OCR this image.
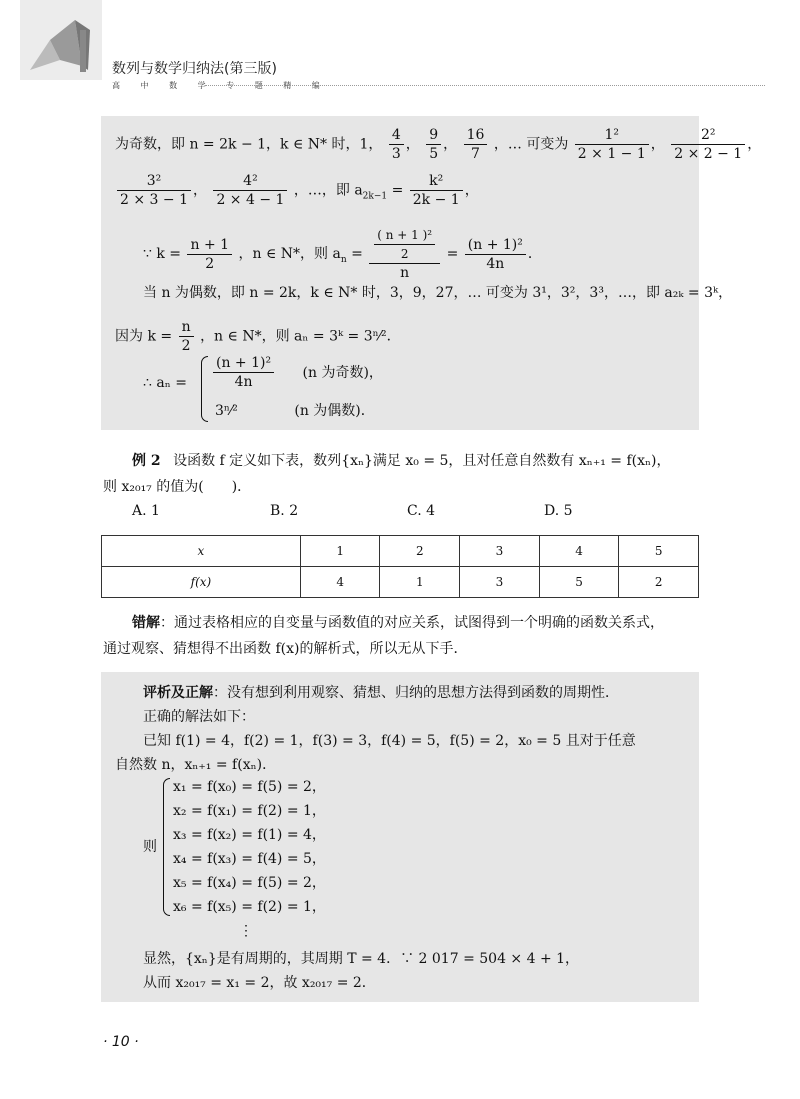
数列与数学归纳法(第三版)
高 中 数 学 专 题 精 编
为奇数，即 n = 2k − 1，k ∈ N* 时，1， $\frac{4}{3}$ ， $\frac{9}{5}$ ， $\frac{16}{7}$ ，… 可变为 $\frac{\text{1²}}{2 \times 1 - 1}$ ， $\frac{\text{2²}}{2 \times 2 - 1}$ ，
$\frac{\text{3²}}{2 \times 3 - 1}$ ， $\frac{\text{4²}}{2 \times 4 - 1}$ ，…，即 $a_{2k-1} = \frac{\text{k²}}{2k - 1}$ ，
∵ $k = \frac{n + 1}{2}$ ，n ∈ N*，则 $a_n = \frac{\frac{\text{( n + 1 )²}}{2}}{n} = \frac{\text{(n + 1)²}}{4n}$ ．
当 n 为偶数，即 n = 2k，k ∈ N* 时，3，9，27，… 可变为 3¹，3²，3³，…，即 a₂ₖ = 3ᵏ，
因为 $k = \frac{n}{2}$ ，n ∈ N*，则 aₙ = 3ᵏ = 3ⁿ⁄²．
∴ $a_n = \frac{\text{(n + 1)²}}{4n} (n$ 为奇数)，
3ⁿ⁄²	(n 为偶数)．
例 2 设函数 f 定义如下表，数列{xₙ}满足 x₀ = 5，且对任意自然数有 xₙ₊₁ = f(xₙ)，
则 x₂₀₁₇ 的值为(　　)．
A. 1	B. 2	C. 4	D. 5
x	1	2	3	4	5
f(x)	4	1	3	5	2
错解：通过表格相应的自变量与函数值的对应关系，试图得到一个明确的函数关系式，
通过观察、猜想得不出函数 f(x)的解析式，所以无从下手．
评析及正解：没有想到利用观察、猜想、归纳的思想方法得到函数的周期性．
正确的解法如下：
已知 f(1) = 4，f(2) = 1，f(3) = 3，f(4) = 5，f(5) = 2，x₀ = 5 且对于任意
自然数 n，xₙ₊₁ = f(xₙ)．
则
x₁ = f(x₀) = f(5) = 2，
x₂ = f(x₁) = f(2) = 1，
x₃ = f(x₂) = f(1) = 4，
x₄ = f(x₃) = f(4) = 5，
x₅ = f(x₄) = f(5) = 2，
x₆ = f(x₅) = f(2) = 1，
⋮
显然，{xₙ}是有周期的，其周期 T = 4．∵ 2 017 = 504 × 4 + 1，
从而 x₂₀₁₇ = x₁ = 2，故 x₂₀₁₇ = 2．
· 10 ·
